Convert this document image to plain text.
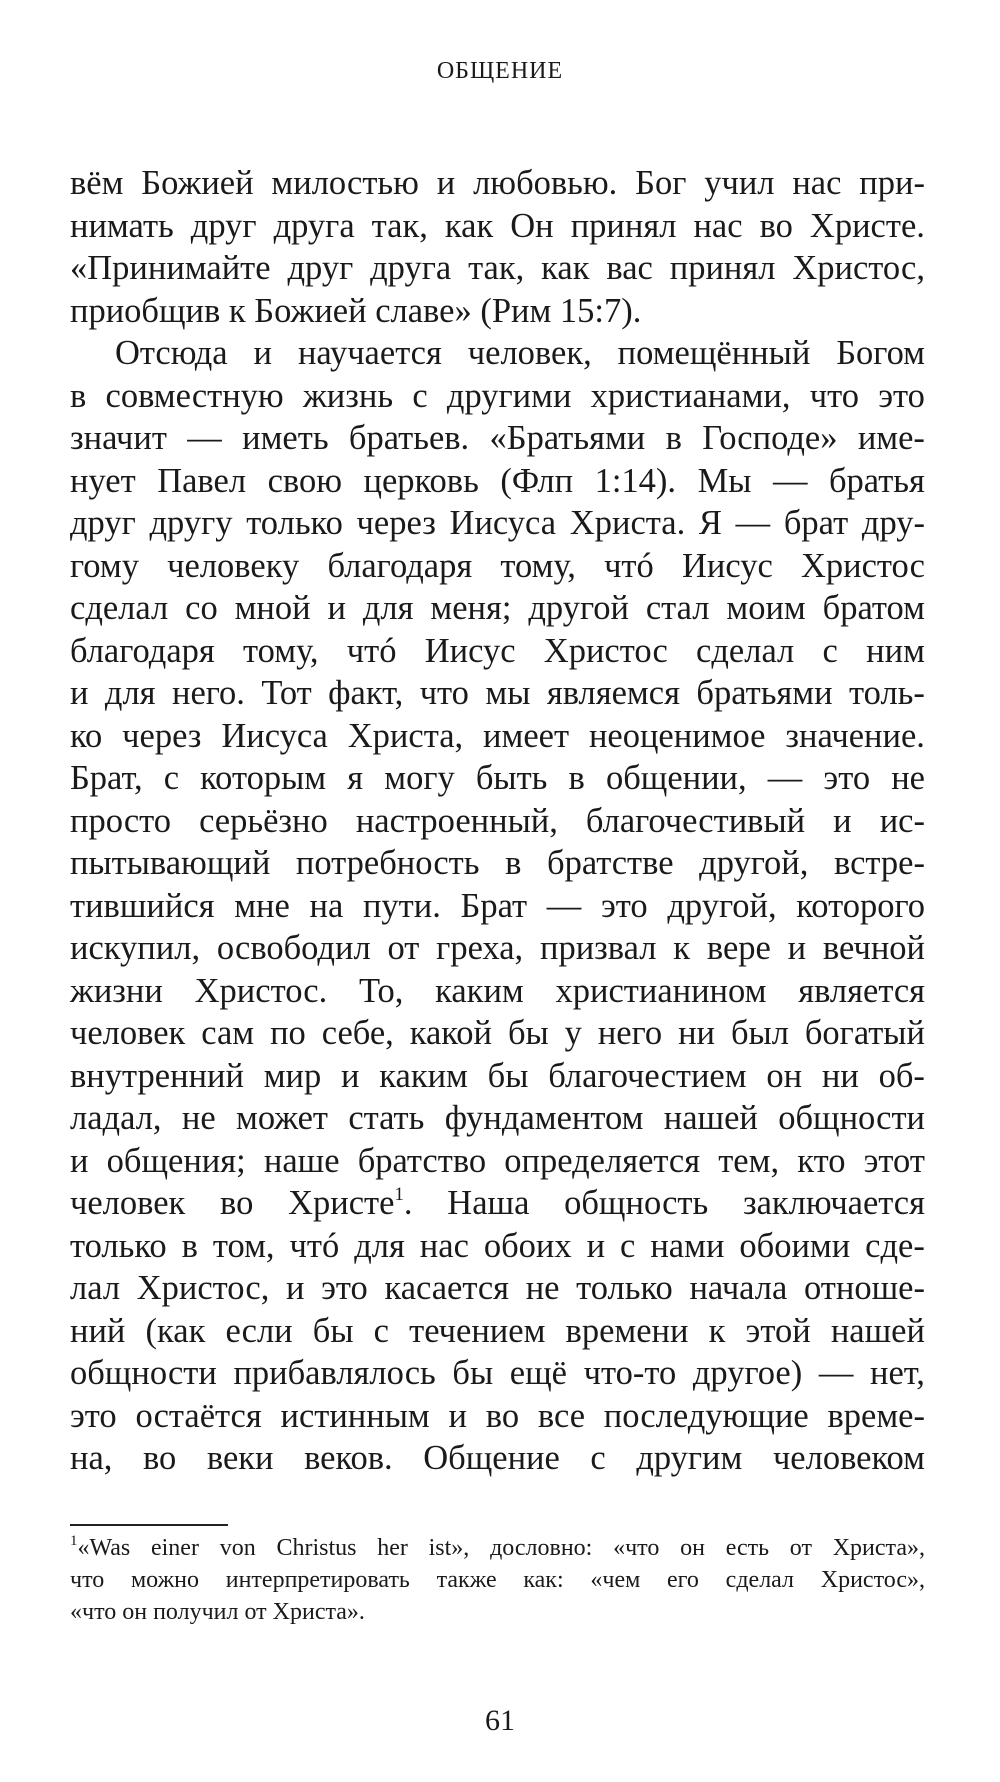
ОБЩЕНИЕ
вём Божией милостью и любовью. Бог учил нас при-
нимать друг друга так, как Он принял нас во Христе.
«Принимайте друг друга так, как вас принял Христос,
приобщив к Божией славе» (Рим 15:7).
Отсюда и научается человек, помещённый Богом
в совместную жизнь с другими христианами, что это
значит — иметь братьев. «Братьями в Господе» име-
нует Павел свою церковь (Флп 1:14). Мы — братья
друг другу только через Иисуса Христа. Я — брат дру-
гому человеку благодаря тому, чтó Иисус Христос
сделал со мной и для меня; другой стал моим братом
благодаря тому, чтó Иисус Христос сделал с ним
и для него. Тот факт, что мы являемся братьями толь-
ко через Иисуса Христа, имеет неоценимое значение.
Брат, с которым я могу быть в общении, — это не
просто серьёзно настроенный, благочестивый и ис-
пытывающий потребность в братстве другой, встре-
тившийся мне на пути. Брат — это другой, которого
искупил, освободил от греха, призвал к вере и вечной
жизни Христос. То, каким христианином является
человек сам по себе, какой бы у него ни был богатый
внутренний мир и каким бы благочестием он ни об-
ладал, не может стать фундаментом нашей общности
и общения; наше братство определяется тем, кто этот
человек во Христе$^1$. Наша общность заключается
только в том, чтó для нас обоих и с нами обоими сде-
лал Христос, и это касается не только начала отноше-
ний (как если бы с течением времени к этой нашей
общности прибавлялось бы ещё что-то другое) — нет,
это остаётся истинным и во все последующие време-
на, во веки веков. Общение с другим человеком
$^1$«Was einer von Christus her ist», дословно: «что он есть от Христа»,
что можно интерпретировать также как: «чем его сделал Христос»,
«что он получил от Христа».
61
